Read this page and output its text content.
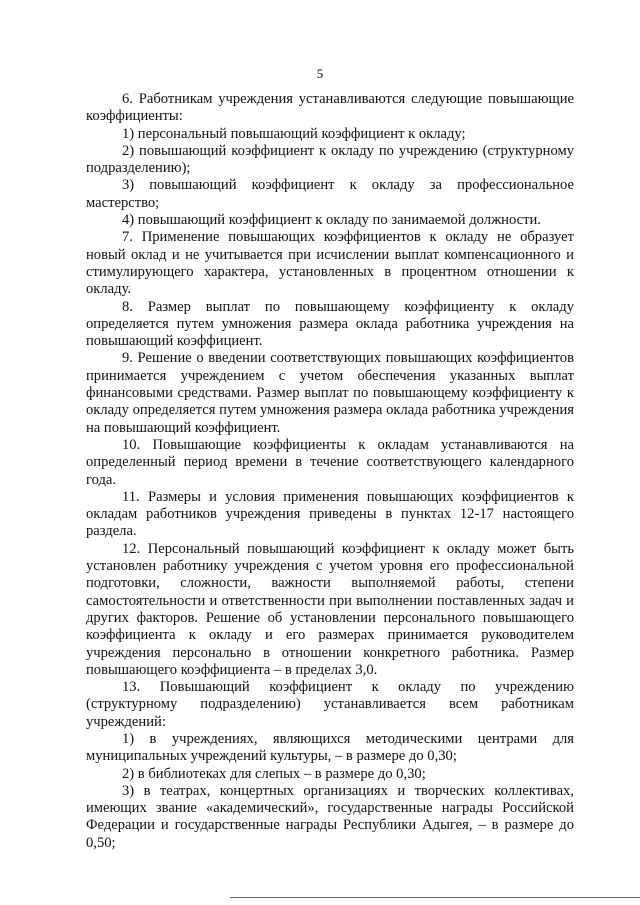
5

6. Работникам учреждения устанавливаются следующие повышающие коэффициенты:

1) персональный повышающий коэффициент к окладу;

2) повышающий коэффициент к окладу по учреждению (структурному подразделению);

3) повышающий коэффициент к окладу за профессиональное мастерство;

4) повышающий коэффициент к окладу по занимаемой должности.

7. Применение повышающих коэффициентов к окладу не образует новый оклад и не учитывается при исчислении выплат компенсационного и стимулирующего характера, установленных в процентном отношении к окладу.

8. Размер выплат по повышающему коэффициенту к окладу определяется путем умножения размера оклада работника учреждения на повышающий коэффициент.

9. Решение о введении соответствующих повышающих коэффициентов принимается учреждением с учетом обеспечения указанных выплат финансовыми средствами. Размер выплат по повышающему коэффициенту к окладу определяется путем умножения размера оклада работника учреждения на повышающий коэффициент.

10. Повышающие коэффициенты к окладам устанавливаются на определенный период времени в течение соответствующего календарного года.

11. Размеры и условия применения повышающих коэффициентов к окладам работников учреждения приведены в пунктах 12-17 настоящего раздела.

12. Персональный повышающий коэффициент к окладу может быть установлен работнику учреждения с учетом уровня его профессиональной подготовки, сложности, важности выполняемой работы, степени самостоятельности и ответственности при выполнении поставленных задач и других факторов. Решение об установлении персонального повышающего коэффициента к окладу и его размерах принимается руководителем учреждения персонально в отношении конкретного работника. Размер повышающего коэффициента – в пределах 3,0.

13. Повышающий коэффициент к окладу по учреждению (структурному подразделению) устанавливается всем работникам учреждений:

1) в учреждениях, являющихся методическими центрами для муниципальных учреждений культуры, – в размере до 0,30;

2) в библиотеках для слепых – в размере до 0,30;

3) в театрах, концертных организациях и творческих коллективах, имеющих звание «академический», государственные награды Российской Федерации и государственные награды Республики Адыгея, – в размере до 0,50;
